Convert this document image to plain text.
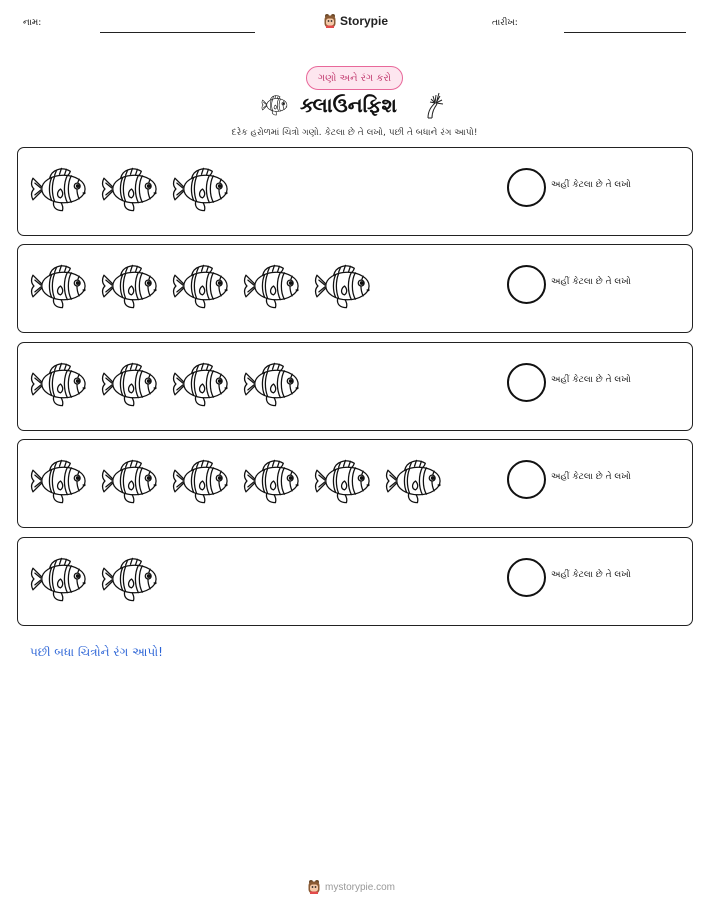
નામ:	Storypie	તારીખ:
ગણો અને રંગ કરો
ક્લાઉનફિશ
દરેક હરોળમાં ચિત્રો ગણો. કેટલા છે તે લખો, પછી તે બધાને રંગ આપો!
અહીં કેટલા છે તે લખો
અહીં કેટલા છે તે લખો
અહીં કેટલા છે તે લખો
અહીં કેટલા છે તે લખો
અહીં કેટલા છે તે લખો
પછી બધા ચિત્રોને રંગ આપો!
mystorypie.com
